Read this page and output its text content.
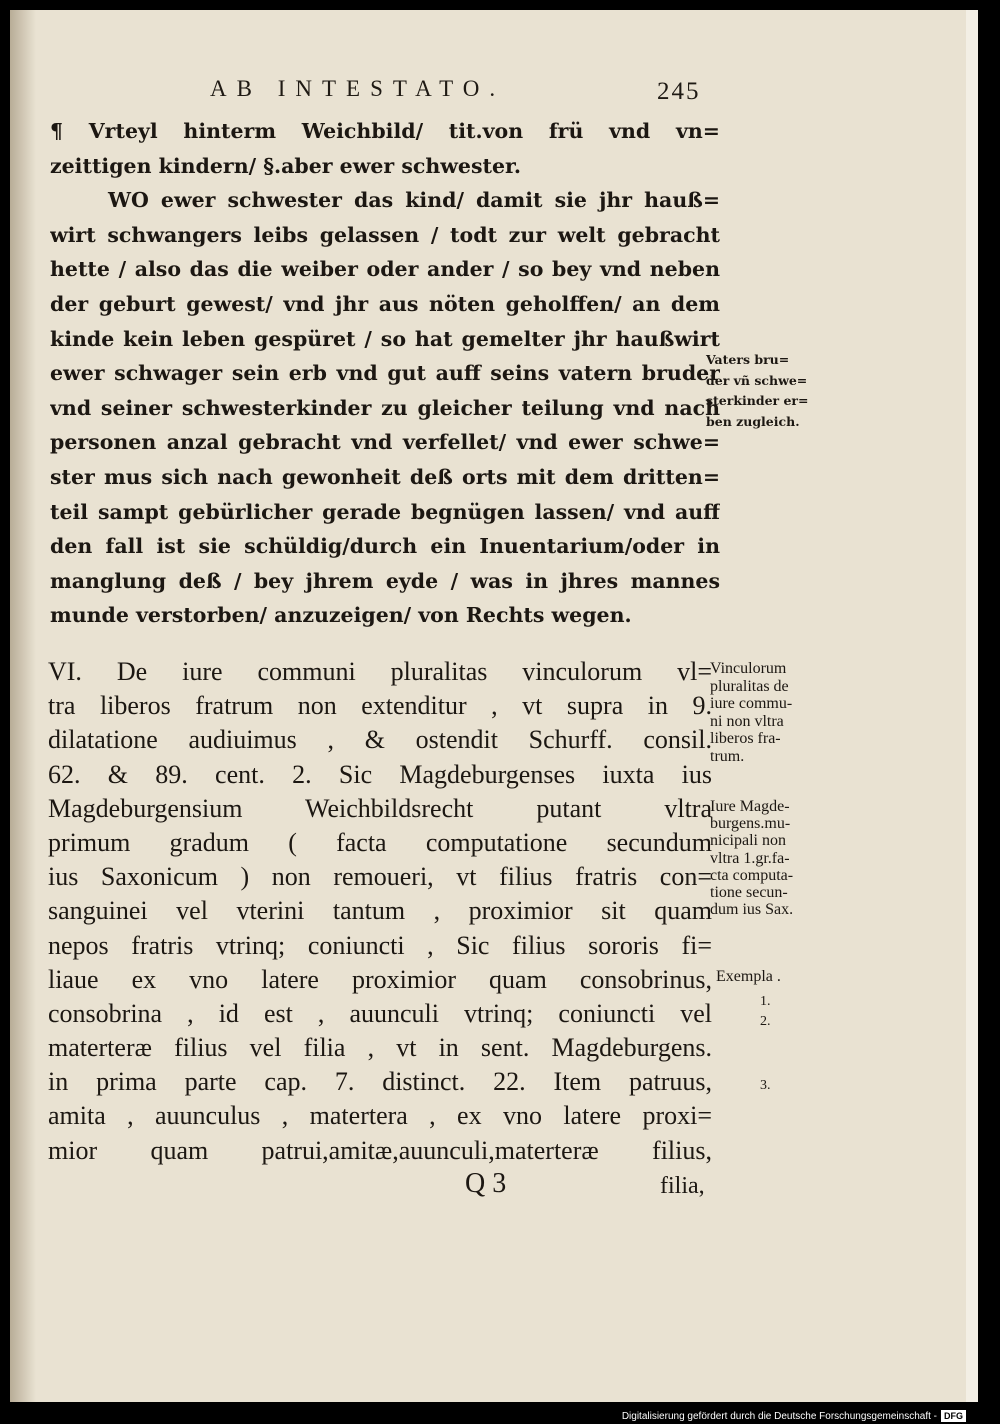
AB INTESTATO.	245
¶ Vrteyl hinterm Weichbild/ tit.von frü vnd vn=
zeittigen kindern/ §.aber ewer schwester.
WO ewer schwester das kind/ damit sie jhr hauß=
wirt schwangers leibs gelassen / todt zur welt gebracht
hette / also das die weiber oder ander / so bey vnd neben
der geburt gewest/ vnd jhr aus nöten geholffen/ an dem
kinde kein leben gespüret / so hat gemelter jhr haußwirt
ewer schwager sein erb vnd gut auff seins vatern bruder
vnd seiner schwesterkinder zu gleicher teilung vnd nach
personen anzal gebracht vnd verfellet/ vnd ewer schwe=
ster mus sich nach gewonheit deß orts mit dem dritten=
teil sampt gebürlicher gerade begnügen lassen/ vnd auff
den fall ist sie schüldig/durch ein Inuentarium/oder in
manglung deß / bey jhrem eyde / was in jhres mannes
munde verstorben/ anzuzeigen/ von Rechts wegen.
Vaters bru=
der vñ schwe=
sterkinder er=
ben zugleich.
VI. De iure communi pluralitas vinculorum vl=
tra liberos fratrum non extenditur , vt supra in 9.
dilatatione audiuimus , & ostendit Schurff. consil.
62. & 89. cent. 2. Sic Magdeburgenses iuxta ius
Magdeburgensium Weichbildsrecht putant vltra
primum gradum ( facta computatione secundum
ius Saxonicum ) non remoueri, vt filius fratris con=
sanguinei vel vterini tantum , proximior sit quam
nepos fratris vtrinq; coniuncti , Sic filius sororis fi=
liaue ex vno latere proximior quam consobrinus,
consobrina , id est , auunculi vtrinq; coniuncti vel
materteræ filius vel filia , vt in sent. Magdeburgens.
in prima parte cap. 7. distinct. 22. Item patruus,
amita , auunculus , matertera , ex vno latere proxi=
mior quam patrui,amitæ,auunculi,materteræ filius,
Vinculorum
pluralitas de
iure commu-
ni non vltra
liberos fra-
trum.
Iure Magde-
burgens.mu-
nicipali non
vltra 1.gr.fa-
cta computa-
tione secun-
dum ius Sax.
Exempla .
1.
2.
3.
Q 3	filia,
Digitalisierung gefördert durch die Deutsche Forschungsgemeinschaft - DFG
